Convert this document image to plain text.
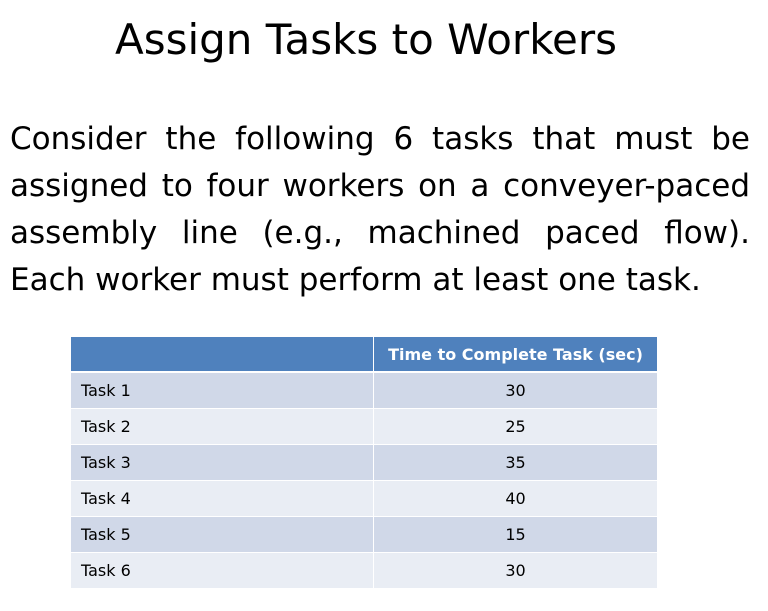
Assign Tasks to Workers

Consider the following 6 tasks that must be assigned to four workers on a conveyer-paced assembly line (e.g., machined paced flow). Each worker must perform at least one task.

	Time to Complete Task (sec)
Task 1	30
Task 2	25
Task 3	35
Task 4	40
Task 5	15
Task 6	30
